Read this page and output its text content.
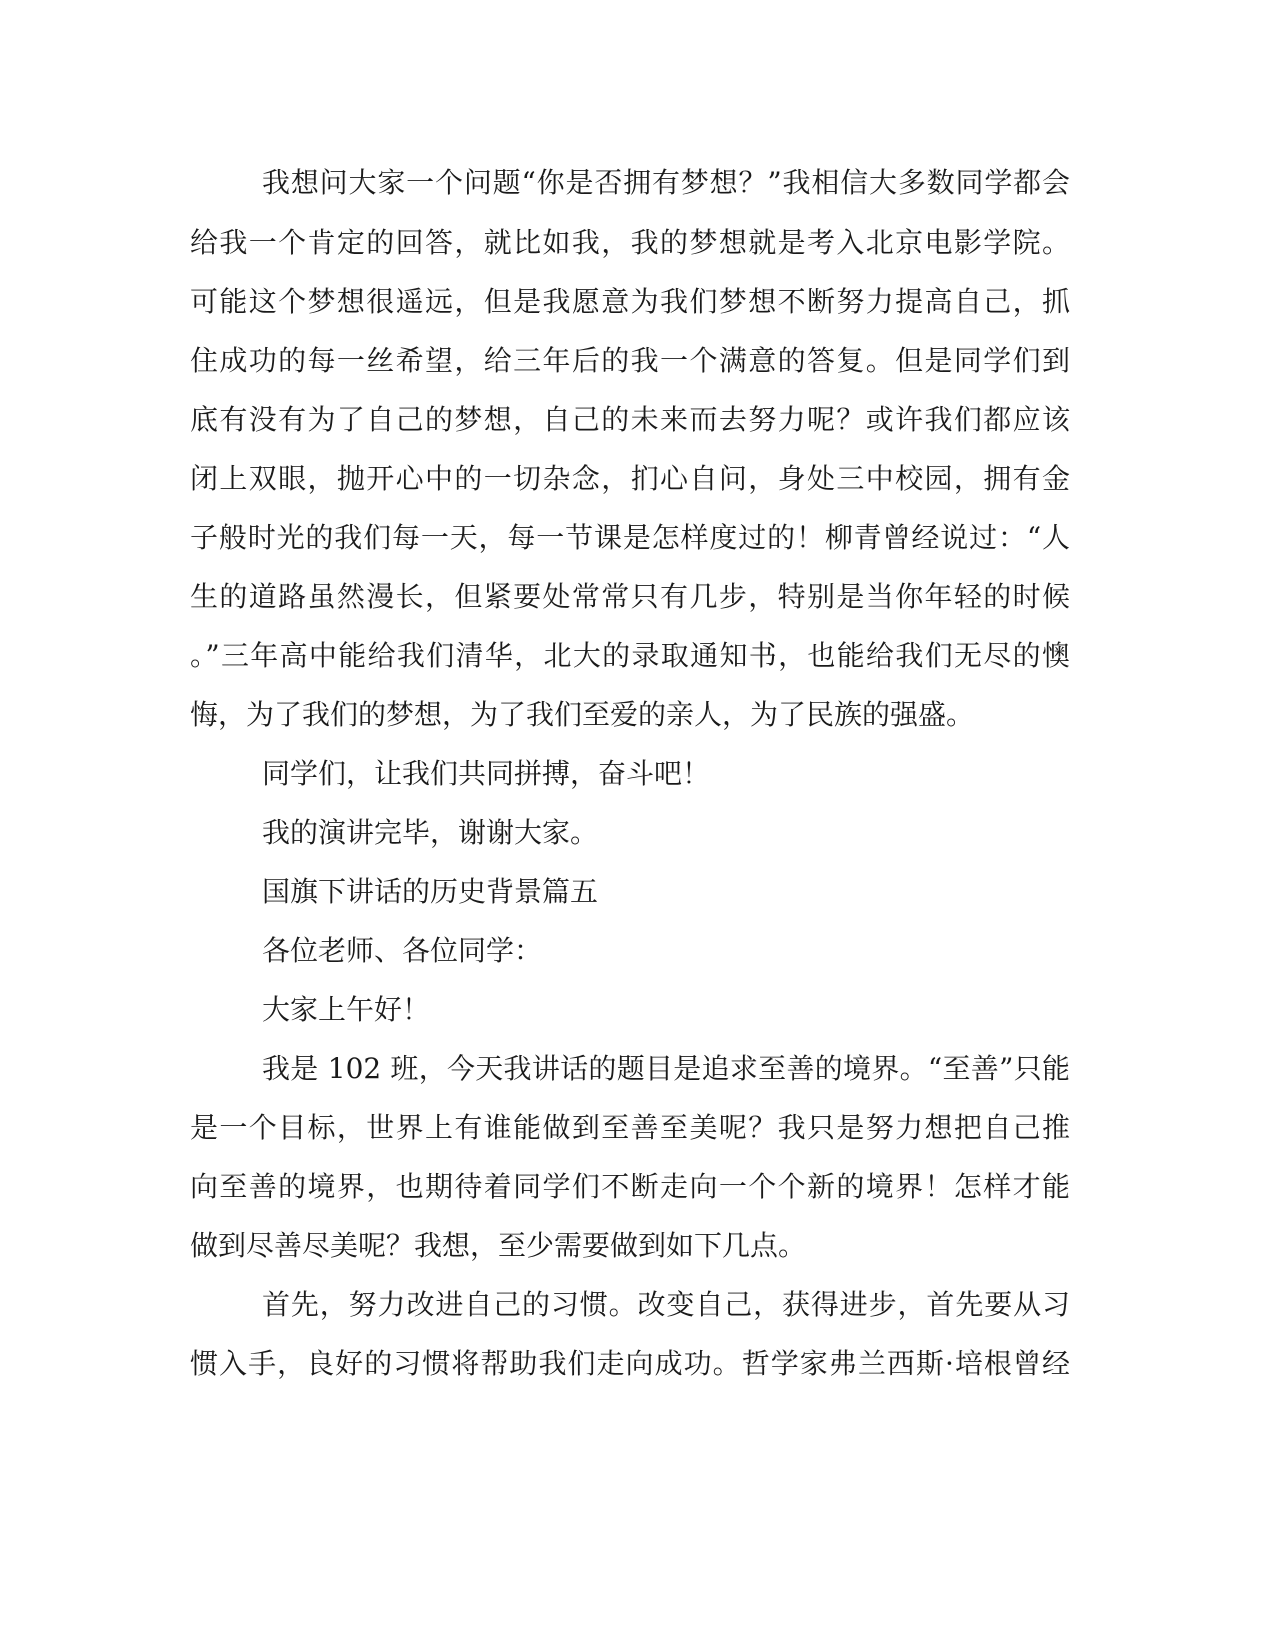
我想问大家一个问题“你是否拥有梦想？”我相信大多数同学都会
给我一个肯定的回答，就比如我，我的梦想就是考入北京电影学院。
可能这个梦想很遥远，但是我愿意为我们梦想不断努力提高自己，抓
住成功的每一丝希望，给三年后的我一个满意的答复。但是同学们到
底有没有为了自己的梦想，自己的未来而去努力呢？或许我们都应该
闭上双眼，抛开心中的一切杂念，扪心自问，身处三中校园，拥有金
子般时光的我们每一天，每一节课是怎样度过的！柳青曾经说过：“人
生的道路虽然漫长，但紧要处常常只有几步，特别是当你年轻的时候
。”三年高中能给我们清华，北大的录取通知书，也能给我们无尽的懊
悔，为了我们的梦想，为了我们至爱的亲人，为了民族的强盛。
同学们，让我们共同拼搏，奋斗吧！
我的演讲完毕，谢谢大家。
国旗下讲话的历史背景篇五
各位老师、各位同学：
大家上午好！
我是 102 班，今天我讲话的题目是追求至善的境界。“至善”只能
是一个目标，世界上有谁能做到至善至美呢？我只是努力想把自己推
向至善的境界，也期待着同学们不断走向一个个新的境界！怎样才能
做到尽善尽美呢？我想，至少需要做到如下几点。
首先，努力改进自己的习惯。改变自己，获得进步，首先要从习
惯入手，良好的习惯将帮助我们走向成功。哲学家弗兰西斯·培根曾经
